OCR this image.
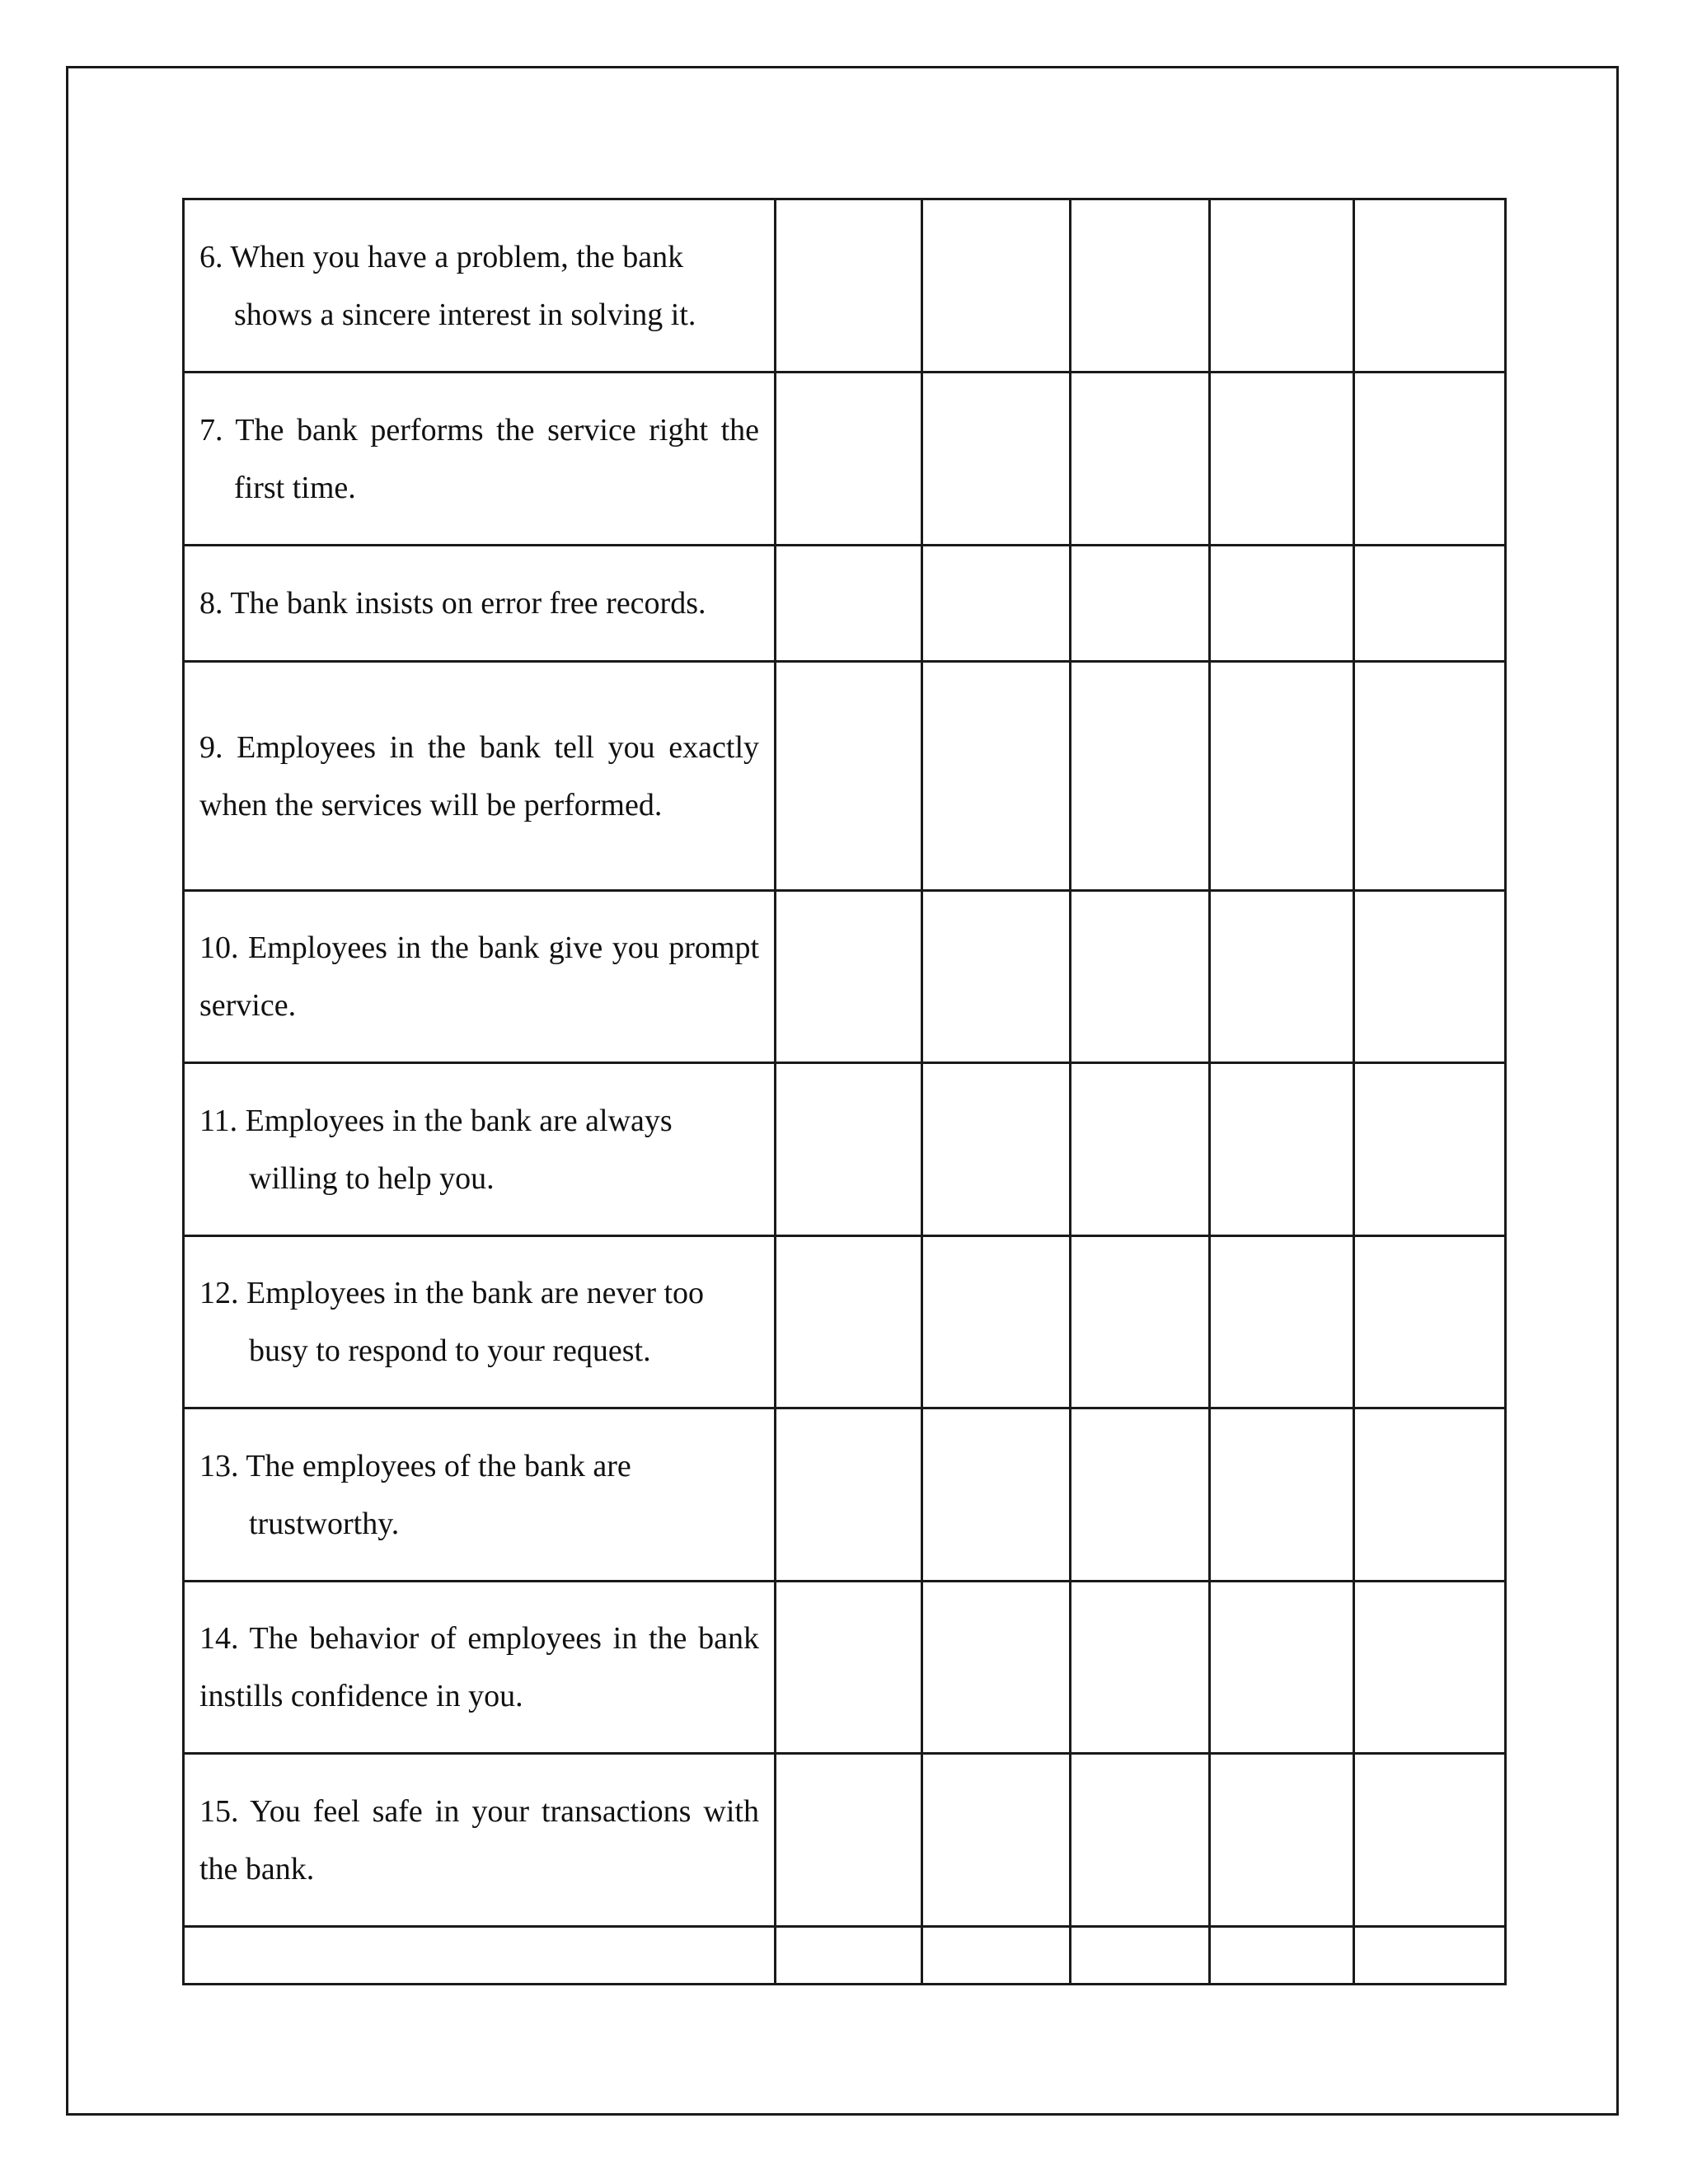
6. When you have a problem, the bank shows a sincere interest in solving it.					

7. The bank performs the service right the first time.					

8. The bank insists on error free records.					

9. Employees in the bank tell you exactly when the services will be performed.					

10. Employees in the bank give you prompt service.					

11. Employees in the bank are always willing to help you.					

12. Employees in the bank are never too busy to respond to your request.					

13. The employees of the bank are trustworthy.					

14. The behavior of employees in the bank instills confidence in you.					

15. You feel safe in your transactions with the bank.					
